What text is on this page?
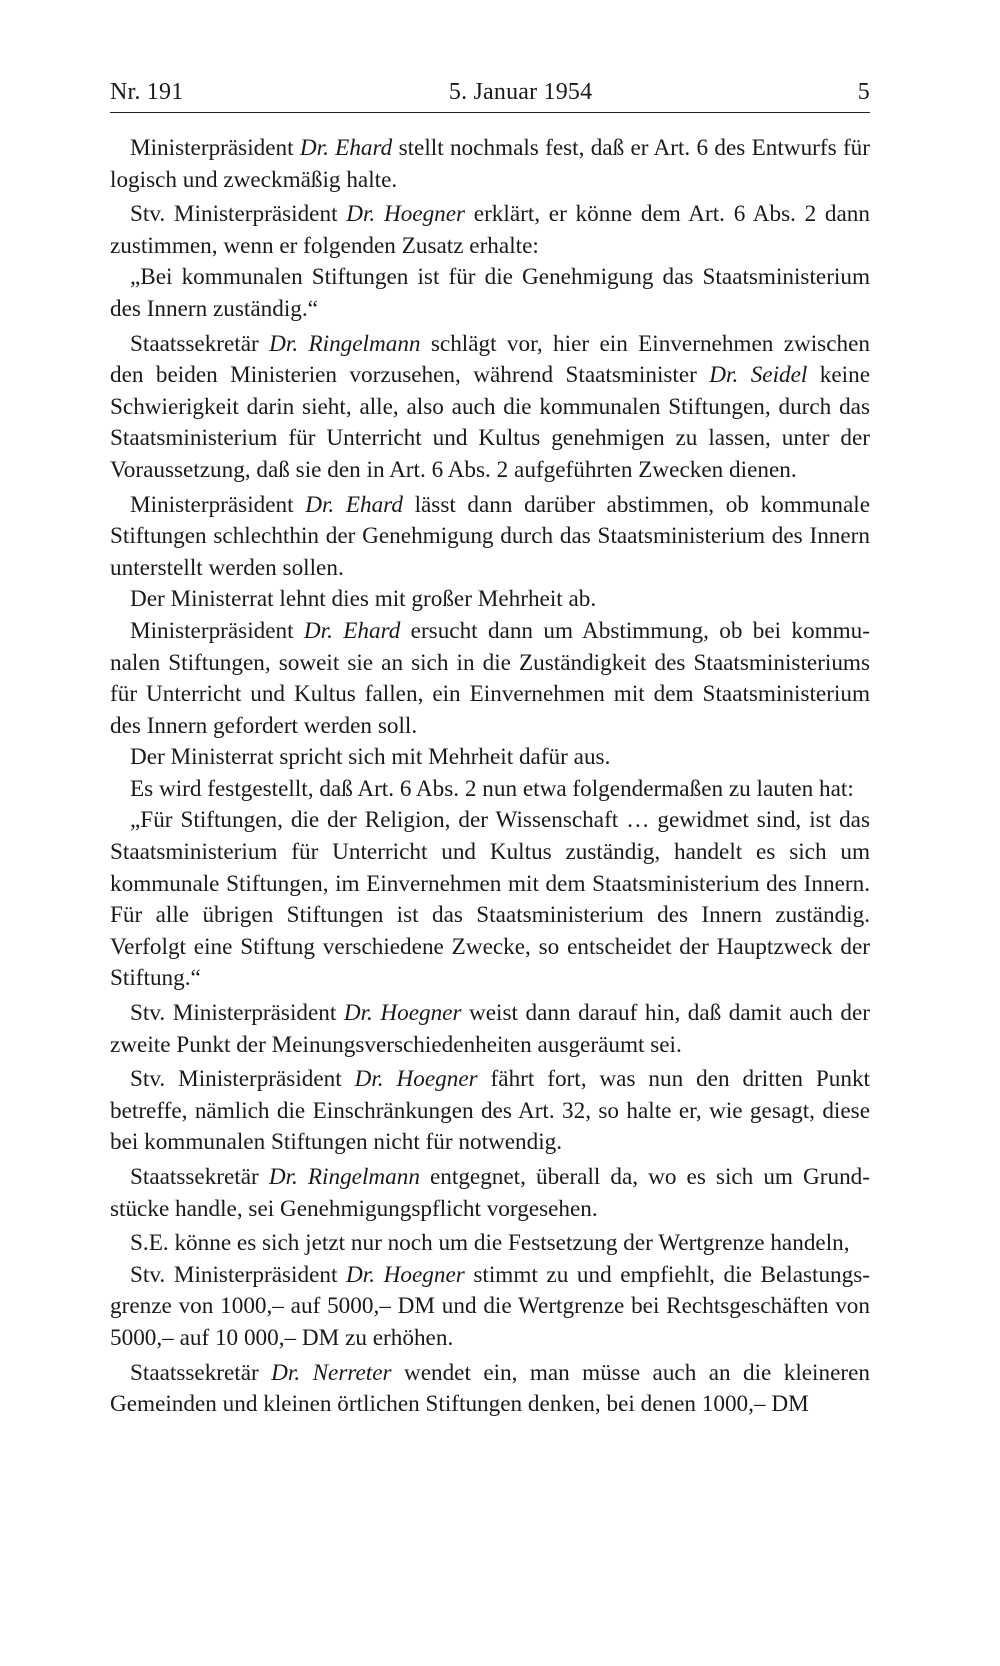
Nr. 191	5. Januar 1954	5

Ministerpräsident Dr. Ehard stellt nochmals fest, daß er Art. 6 des Entwurfs für logisch und zweckmäßig halte.

Stv. Ministerpräsident Dr. Hoegner erklärt, er könne dem Art. 6 Abs. 2 dann zustimmen, wenn er folgenden Zusatz erhalte:

„Bei kommunalen Stiftungen ist für die Genehmigung das Staatsministerium des Innern zuständig.“

Staatssekretär Dr. Ringelmann schlägt vor, hier ein Einvernehmen zwischen den beiden Ministerien vorzusehen, während Staatsminister Dr. Seidel keine Schwierigkeit darin sieht, alle, also auch die kommunalen Stiftungen, durch das Staatsministerium für Unterricht und Kultus genehmigen zu lassen, unter der Voraussetzung, daß sie den in Art. 6 Abs. 2 aufgeführten Zwecken dienen.

Ministerpräsident Dr. Ehard lässt dann darüber abstimmen, ob kommunale Stiftungen schlechthin der Genehmigung durch das Staatsministerium des Innern unterstellt werden sollen.

Der Ministerrat lehnt dies mit großer Mehrheit ab.

Ministerpräsident Dr. Ehard ersucht dann um Abstimmung, ob bei kommunalen Stiftungen, soweit sie an sich in die Zuständigkeit des Staatsministeriums für Unterricht und Kultus fallen, ein Einvernehmen mit dem Staatsministerium des Innern gefordert werden soll.

Der Ministerrat spricht sich mit Mehrheit dafür aus.

Es wird festgestellt, daß Art. 6 Abs. 2 nun etwa folgendermaßen zu lauten hat:

„Für Stiftungen, die der Religion, der Wissenschaft … gewidmet sind, ist das Staatsministerium für Unterricht und Kultus zuständig, handelt es sich um kommunale Stiftungen, im Einvernehmen mit dem Staatsministerium des Innern. Für alle übrigen Stiftungen ist das Staatsministerium des Innern zuständig. Verfolgt eine Stiftung verschiedene Zwecke, so entscheidet der Hauptzweck der Stiftung.“

Stv. Ministerpräsident Dr. Hoegner weist dann darauf hin, daß damit auch der zweite Punkt der Meinungsverschiedenheiten ausgeräumt sei.

Stv. Ministerpräsident Dr. Hoegner fährt fort, was nun den dritten Punkt betreffe, nämlich die Einschränkungen des Art. 32, so halte er, wie gesagt, diese bei kommunalen Stiftungen nicht für notwendig.

Staatssekretär Dr. Ringelmann entgegnet, überall da, wo es sich um Grundstücke handle, sei Genehmigungspflicht vorgesehen.

S.E. könne es sich jetzt nur noch um die Festsetzung der Wertgrenze handeln,

Stv. Ministerpräsident Dr. Hoegner stimmt zu und empfiehlt, die Belastungsgrenze von 1000,– auf 5000,– DM und die Wertgrenze bei Rechtsgeschäften von 5000,– auf 10 000,– DM zu erhöhen.

Staatssekretär Dr. Nerreter wendet ein, man müsse auch an die kleineren Gemeinden und kleinen örtlichen Stiftungen denken, bei denen 1000,– DM
